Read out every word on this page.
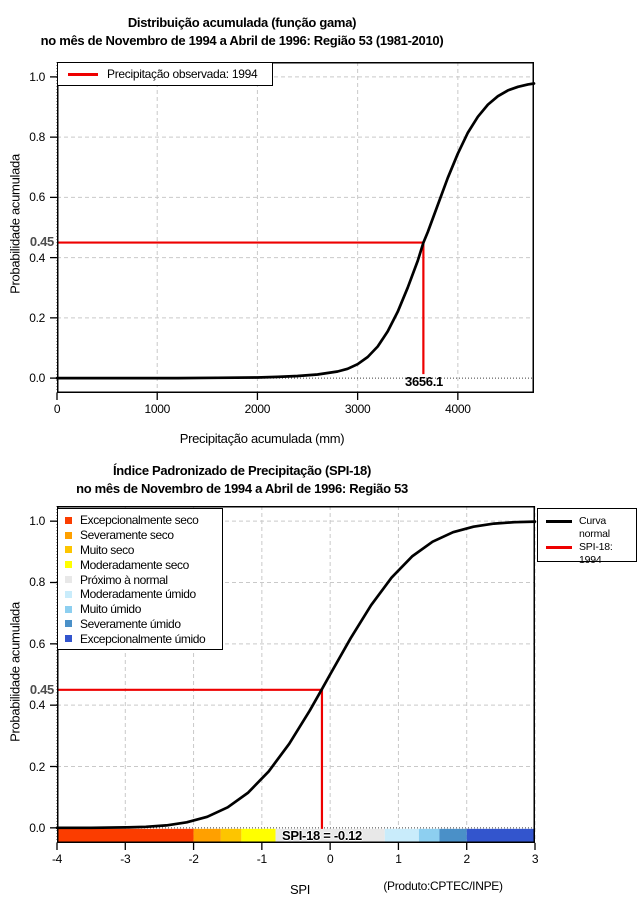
Distribuição acumulada (função gama)
no mês de Novembro de 1994 a Abril de 1996: Região 53 (1981-2010)
Probabilidade acumulada
Precipitação acumulada (mm)
Precipitação observada: 1994
0.45
3656.1
Índice Padronizado de Precipitação (SPI-18)
no mês de Novembro de 1994 a Abril de 1996: Região 53
Probabilidade acumulada
SPI
Excepcionalmente seco
Severamente seco
Muito seco
Moderadamente seco
Próximo à normal
Moderadamente úmido
Muito úmido
Severamente úmido
Excepcionalmente úmido
Curva normal
SPI-18: 1994
0.45
SPI-18 = -0.12
(Produto:CPTEC/INPE)
0	1000	2000	3000	4000
0.0
0.2
0.4
0.6
0.8
1.0
-4	-3	-2	-1	0	1	2	3
0.0
0.2
0.4
0.6
0.8
1.0
